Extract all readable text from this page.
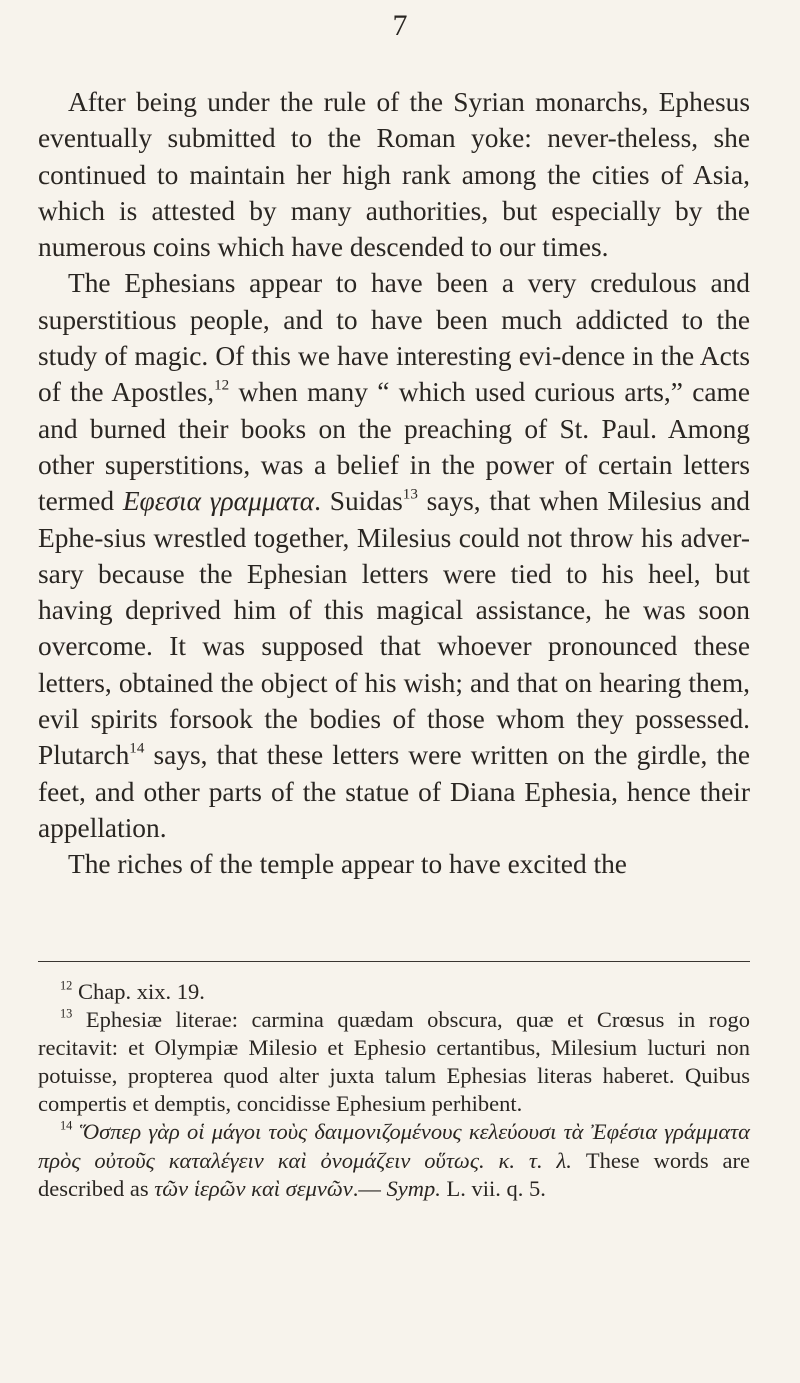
7

After being under the rule of the Syrian monarchs, Ephesus eventually submitted to the Roman yoke: never-theless, she continued to maintain her high rank among the cities of Asia, which is attested by many authorities, but especially by the numerous coins which have descended to our times.

The Ephesians appear to have been a very credulous and superstitious people, and to have been much addicted to the study of magic. Of this we have interesting evi-dence in the Acts of the Apostles,$^{12}$ when many “ which used curious arts,” came and burned their books on the preaching of St. Paul. Among other superstitions, was a belief in the power of certain letters termed Εφεσια γραμματα. Suidas$^{13}$ says, that when Milesius and Ephe-sius wrestled together, Milesius could not throw his adver-sary because the Ephesian letters were tied to his heel, but having deprived him of this magical assistance, he was soon overcome. It was supposed that whoever pronounced these letters, obtained the object of his wish; and that on hearing them, evil spirits forsook the bodies of those whom they possessed. Plutarch$^{14}$ says, that these letters were written on the girdle, the feet, and other parts of the statue of Diana Ephesia, hence their appellation.

The riches of the temple appear to have excited the

$^{12}$ Chap. xix. 19.

$^{13}$ Ephesiæ literae: carmina quædam obscura, quæ et Crœsus in rogo recitavit: et Olympiæ Milesio et Ephesio certantibus, Milesium lucturi non potuisse, propterea quod alter juxta talum Ephesias literas haberet. Quibus compertis et demptis, concidisse Ephesium perhibent.

$^{14}$ Ὅσπερ γὰρ οἱ μάγοι τοὺς δαιμονιζομένους κελεύουσι τὰ Ἐφέσια γράμματα πρὸς οὐτοῦς καταλέγειν καὶ ὀνομάζειν οὕτως. κ. τ. λ. These words are described as τῶν ἱερῶν καὶ σεμνῶν.— Symp. L. vii. q. 5.
